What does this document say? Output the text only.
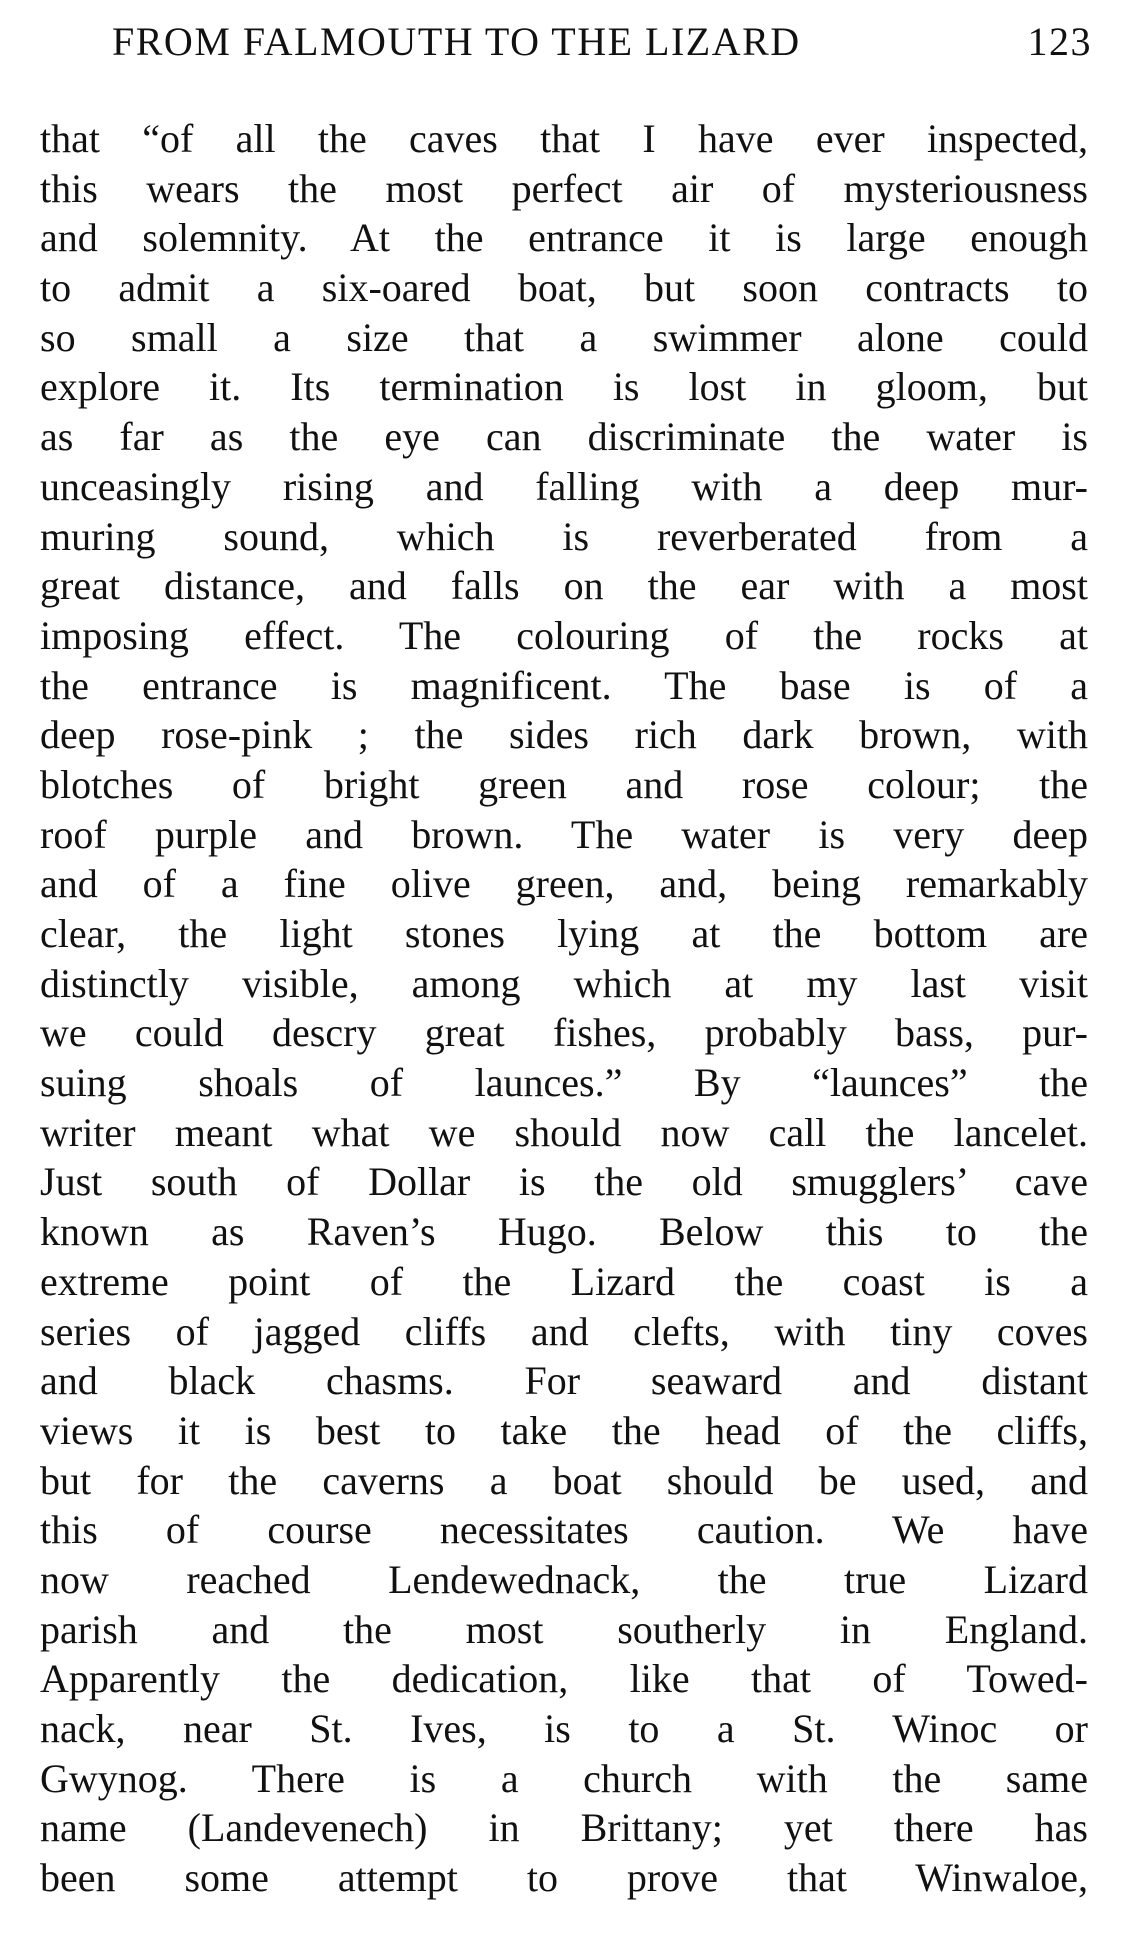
FROM FALMOUTH TO THE LIZARD	123
that “of all the caves that I have ever inspected,
this wears the most perfect air of mysteriousness
and solemnity. At the entrance it is large enough
to admit a six-oared boat, but soon contracts to
so small a size that a swimmer alone could
explore it. Its termination is lost in gloom, but
as far as the eye can discriminate the water is
unceasingly rising and falling with a deep mur-
muring sound, which is reverberated from a
great distance, and falls on the ear with a most
imposing effect. The colouring of the rocks at
the entrance is magnificent. The base is of a
deep rose-pink ; the sides rich dark brown, with
blotches of bright green and rose colour; the
roof purple and brown. The water is very deep
and of a fine olive green, and, being remarkably
clear, the light stones lying at the bottom are
distinctly visible, among which at my last visit
we could descry great fishes, probably bass, pur-
suing shoals of launces.” By “launces” the
writer meant what we should now call the lancelet.
Just south of Dollar is the old smugglers’ cave
known as Raven’s Hugo. Below this to the
extreme point of the Lizard the coast is a
series of jagged cliffs and clefts, with tiny coves
and black chasms. For seaward and distant
views it is best to take the head of the cliffs,
but for the caverns a boat should be used, and
this of course necessitates caution. We have
now reached Lendewednack, the true Lizard
parish and the most southerly in England.
Apparently the dedication, like that of Towed-
nack, near St. Ives, is to a St. Winoc or
Gwynog. There is a church with the same
name (Landevenech) in Brittany; yet there has
been some attempt to prove that Winwaloe,
